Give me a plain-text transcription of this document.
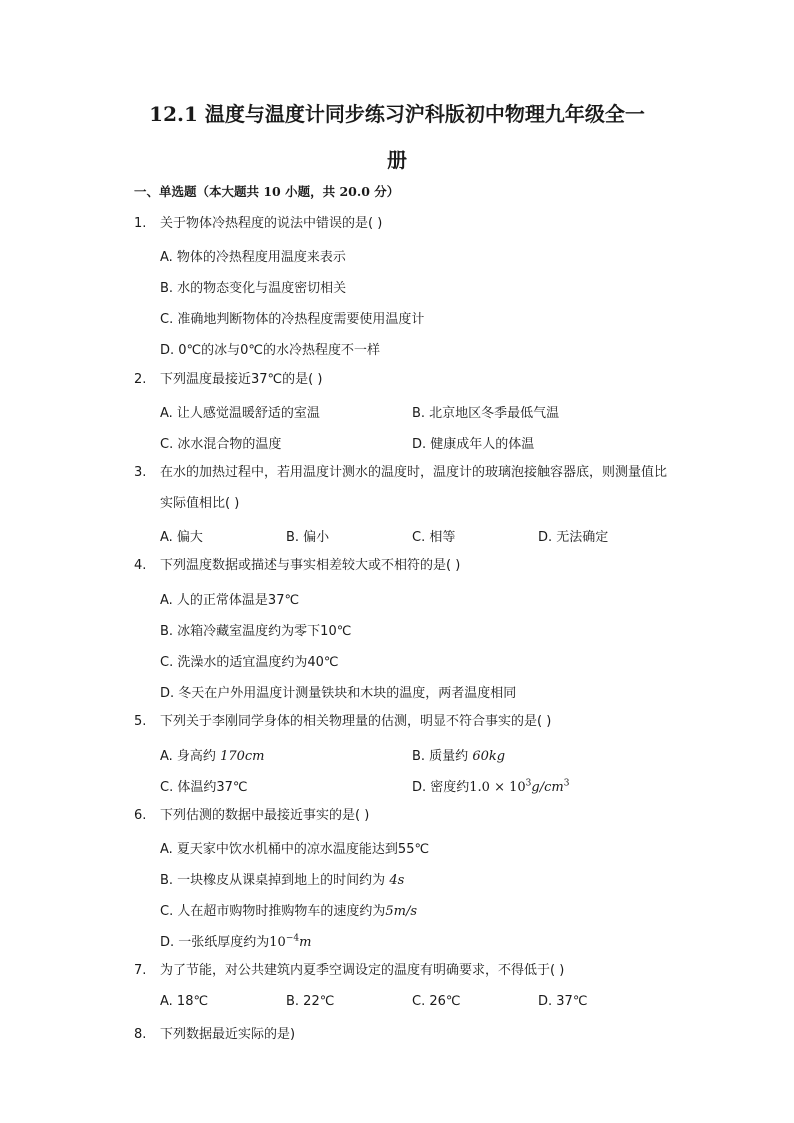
12.1 温度与温度计同步练习沪科版初中物理九年级全一
册
一、单选题（本大题共 10 小题，共 20.0 分）
1. 关于物体冷热程度的说法中错误的是( )
A. 物体的冷热程度用温度来表示
B. 水的物态变化与温度密切相关
C. 准确地判断物体的冷热程度需要使用温度计
D. 0℃的冰与0℃的水冷热程度不一样
2. 下列温度最接近37℃的是( )
A. 让人感觉温暖舒适的室温	B. 北京地区冬季最低气温
C. 冰水混合物的温度	D. 健康成年人的体温
3. 在水的加热过程中，若用温度计测水的温度时，温度计的玻璃泡接触容器底，则测量值比实际值相比( )
A. 偏大	B. 偏小	C. 相等	D. 无法确定
4. 下列温度数据或描述与事实相差较大或不相符的是( )
A. 人的正常体温是37℃
B. 冰箱冷藏室温度约为零下10℃
C. 洗澡水的适宜温度约为40℃
D. 冬天在户外用温度计测量铁块和木块的温度，两者温度相同
5. 下列关于李刚同学身体的相关物理量的估测，明显不符合事实的是( )
A. 身高约 170cm	B. 质量约 60kg
C. 体温约37℃	D. 密度约$1.0 \times 10^3g/cm^3$
6. 下列估测的数据中最接近事实的是( )
A. 夏天家中饮水机桶中的凉水温度能达到55℃
B. 一块橡皮从课桌掉到地上的时间约为 4s
C. 人在超市购物时推购物车的速度约为5m/s
D. 一张纸厚度约为$10^{-4}m$
7. 为了节能，对公共建筑内夏季空调设定的温度有明确要求，不得低于( )
A. 18℃	B. 22℃	C. 26℃	D. 37℃
8. 下列数据最近实际的是)
